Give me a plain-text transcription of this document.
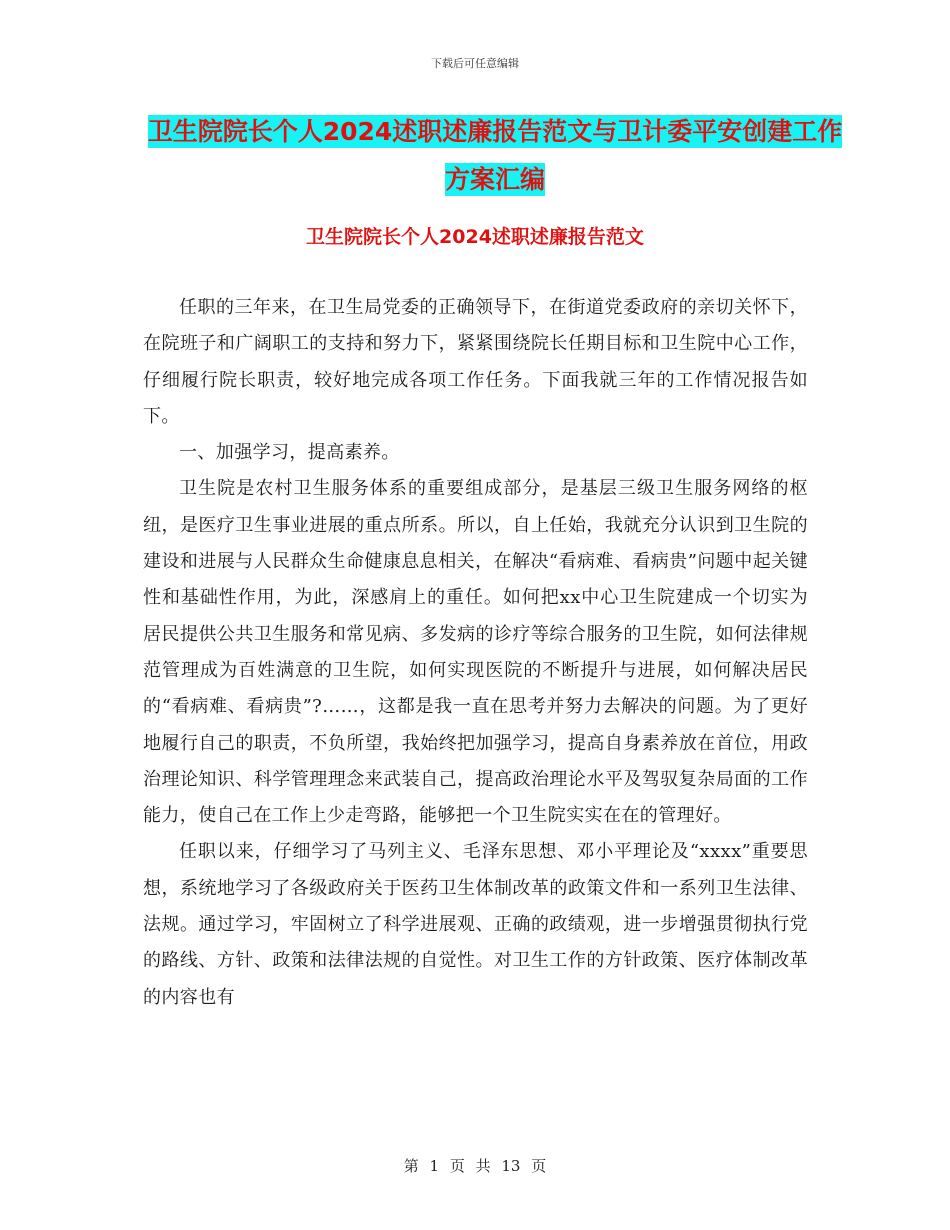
下载后可任意编辑
卫生院院长个人2024述职述廉报告范文与卫计委平安创建工作方案汇编
卫生院院长个人2024述职述廉报告范文

任职的三年来，在卫生局党委的正确领导下，在街道党委政府的亲切关怀下，在院班子和广阔职工的支持和努力下，紧紧围绕院长任期目标和卫生院中心工作，仔细履行院长职责，较好地完成各项工作任务。下面我就三年的工作情况报告如下。

一、加强学习，提高素养。

卫生院是农村卫生服务体系的重要组成部分，是基层三级卫生服务网络的枢纽，是医疗卫生事业进展的重点所系。所以，自上任始，我就充分认识到卫生院的建设和进展与人民群众生命健康息息相关，在解决“看病难、看病贵”问题中起关键性和基础性作用，为此，深感肩上的重任。如何把xx中心卫生院建成一个切实为居民提供公共卫生服务和常见病、多发病的诊疗等综合服务的卫生院，如何法律规范管理成为百姓满意的卫生院，如何实现医院的不断提升与进展，如何解决居民的“看病难、看病贵”?……，这都是我一直在思考并努力去解决的问题。为了更好地履行自己的职责，不负所望，我始终把加强学习，提高自身素养放在首位，用政治理论知识、科学管理理念来武装自己，提高政治理论水平及驾驭复杂局面的工作能力，使自己在工作上少走弯路，能够把一个卫生院实实在在的管理好。

任职以来，仔细学习了马列主义、毛泽东思想、邓小平理论及“xxxx”重要思想，系统地学习了各级政府关于医药卫生体制改革的政策文件和一系列卫生法律、法规。通过学习，牢固树立了科学进展观、正确的政绩观，进一步增强贯彻执行党的路线、方针、政策和法律法规的自觉性。对卫生工作的方针政策、医疗体制改革的内容也有

第 1 页 共 13 页
